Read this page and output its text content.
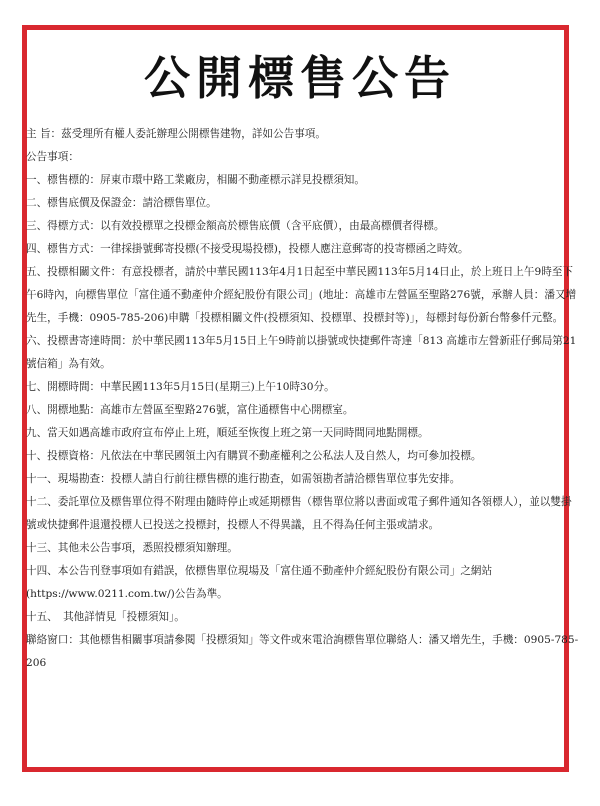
公開標售公告

主 旨：茲受理所有權人委託辦理公開標售建物，詳如公告事項。

公告事項：

一、標售標的：屏東市環中路工業廠房，相關不動產標示詳見投標須知。

二、標售底價及保證金：請洽標售單位。

三、得標方式：以有效投標單之投標金額高於標售底價（含平底價），由最高標價者得標。

四、標售方式：一律採掛號郵寄投標(不接受現場投標)，投標人應注意郵寄的投寄標函之時效。

五、投標相關文件：有意投標者，請於中華民國113年4月1日起至中華民國113年5月14日止，於上班日上午9時至下午6時內，向標售單位「富住通不動產仲介經紀股份有限公司」(地址：高雄市左營區至聖路276號，承辦人員：潘又增先生，手機：0905-785-206)申購「投標相關文件(投標須知、投標單、投標封等)」，每標封每份新台幣參仟元整。

六、投標書寄達時間：於中華民國113年5月15日上午9時前以掛號或快捷郵件寄達「813 高雄市左營新莊仔郵局第21號信箱」為有效。

七、開標時間：中華民國113年5月15日(星期三)上午10時30分。

八、開標地點：高雄市左營區至聖路276號，富住通標售中心開標室。

九、當天如遇高雄市政府宣布停止上班，順延至恢復上班之第一天同時間同地點開標。

十、投標資格：凡依法在中華民國領土內有購買不動產權利之公私法人及自然人，均可參加投標。

十一、現場勘查：投標人請自行前往標售標的進行勘查，如需領勘者請洽標售單位事先安排。

十二、委託單位及標售單位得不附理由隨時停止或延期標售（標售單位將以書面或電子郵件通知各領標人），並以雙掛號或快捷郵件退還投標人已投送之投標封，投標人不得異議，且不得為任何主張或請求。

十三、其他未公告事項，悉照投標須知辦理。

十四、本公告刊登事項如有錯誤，依標售單位現場及「富住通不動產仲介經紀股份有限公司」之網站(https://www.0211.com.tw/)公告為準。

十五、　其他詳情見「投標須知」。

聯絡窗口：其他標售相關事項請參閱「投標須知」等文件或來電洽詢標售單位聯絡人：潘又增先生，手機：0905-785-206
